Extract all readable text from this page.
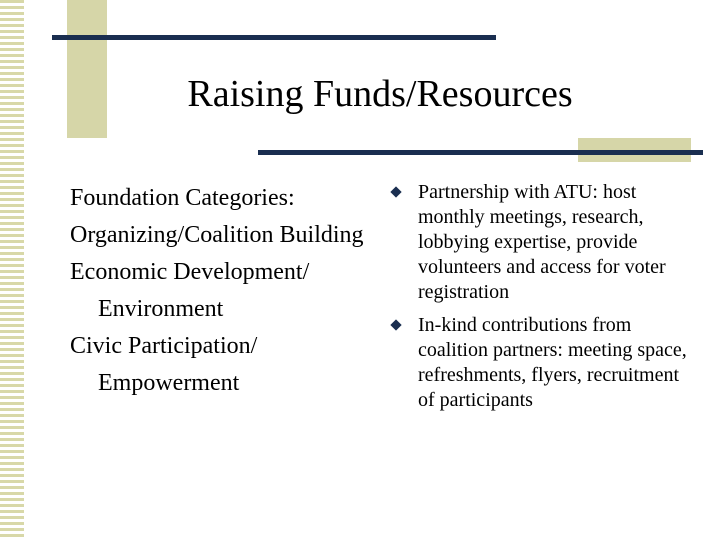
Raising Funds/Resources
Foundation Categories:
Organizing/Coalition Building
Economic Development/ Environment
Civic Participation/ Empowerment
Partnership with ATU: host monthly meetings, research, lobbying expertise, provide volunteers and access for voter registration
In-kind contributions from coalition partners: meeting space, refreshments, flyers, recruitment of participants
